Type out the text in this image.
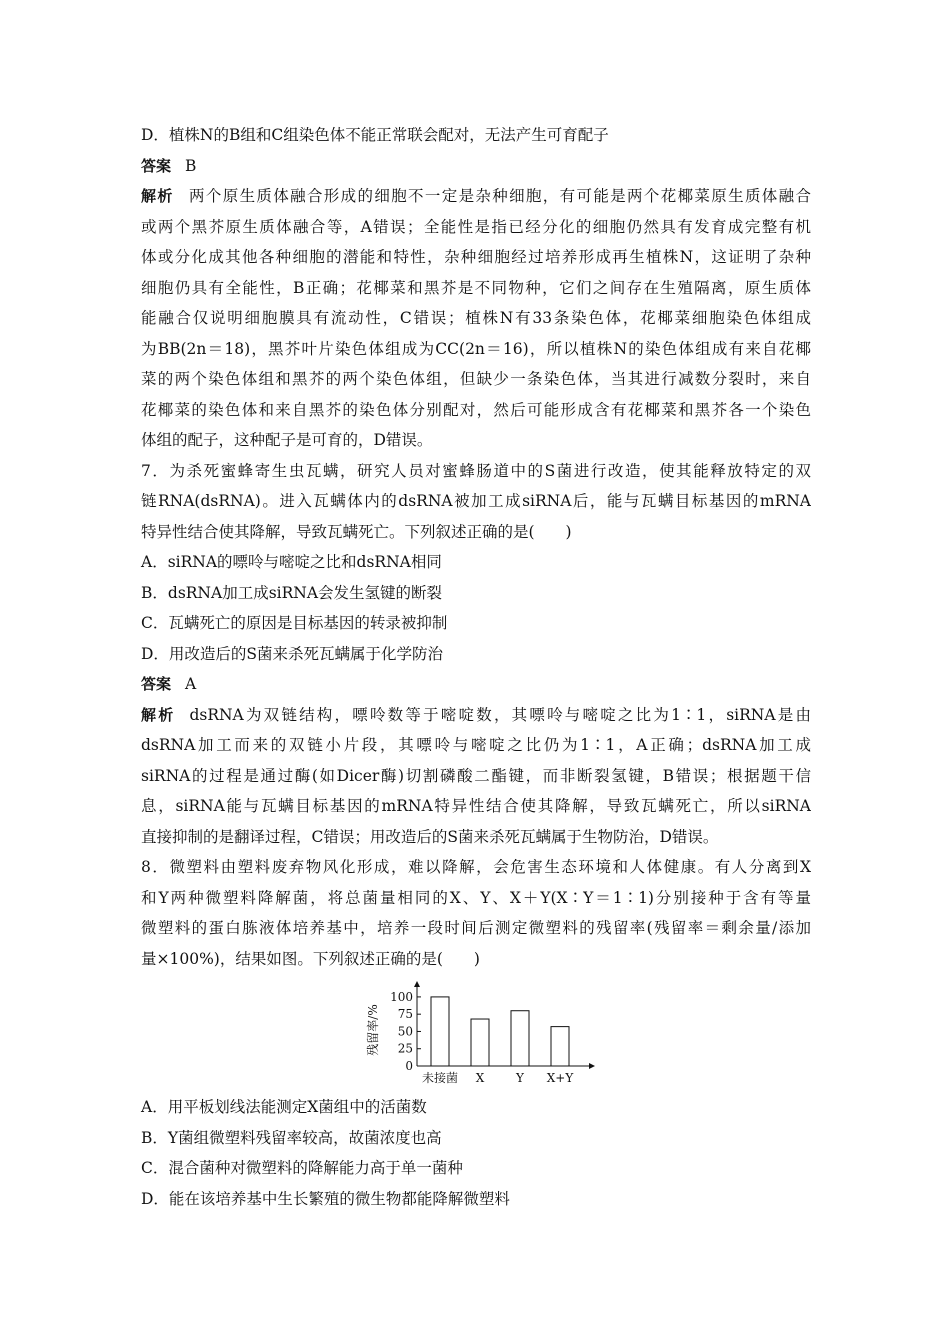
D．植株N的B组和C组染色体不能正常联会配对，无法产生可育配子
答案 B
解析 两个原生质体融合形成的细胞不一定是杂种细胞，有可能是两个花椰菜原生质体融合
或两个黑芥原生质体融合等，A错误；全能性是指已经分化的细胞仍然具有发育成完整有机
体或分化成其他各种细胞的潜能和特性，杂种细胞经过培养形成再生植株N，这证明了杂种
细胞仍具有全能性，B正确；花椰菜和黑芥是不同物种，它们之间存在生殖隔离，原生质体
能融合仅说明细胞膜具有流动性，C错误；植株N有33条染色体，花椰菜细胞染色体组成
为BB(2n＝18)，黑芥叶片染色体组成为CC(2n＝16)，所以植株N的染色体组成有来自花椰
菜的两个染色体组和黑芥的两个染色体组，但缺少一条染色体，当其进行减数分裂时，来自
花椰菜的染色体和来自黑芥的染色体分别配对，然后可能形成含有花椰菜和黑芥各一个染色
体组的配子，这种配子是可育的，D错误。
7．为杀死蜜蜂寄生虫瓦螨，研究人员对蜜蜂肠道中的S菌进行改造，使其能释放特定的双
链RNA(dsRNA)。进入瓦螨体内的dsRNA被加工成siRNA后，能与瓦螨目标基因的mRNA
特异性结合使其降解，导致瓦螨死亡。下列叙述正确的是(　　)
A．siRNA的嘌呤与嘧啶之比和dsRNA相同
B．dsRNA加工成siRNA会发生氢键的断裂
C．瓦螨死亡的原因是目标基因的转录被抑制
D．用改造后的S菌来杀死瓦螨属于化学防治
答案 A
解析 dsRNA为双链结构，嘌呤数等于嘧啶数，其嘌呤与嘧啶之比为1∶1，siRNA是由
dsRNA加工而来的双链小片段，其嘌呤与嘧啶之比仍为1∶1，A正确；dsRNA加工成
siRNA的过程是通过酶(如Dicer酶)切割磷酸二酯键，而非断裂氢键，B错误；根据题干信
息，siRNA能与瓦螨目标基因的mRNA特异性结合使其降解，导致瓦螨死亡，所以siRNA
直接抑制的是翻译过程，C错误；用改造后的S菌来杀死瓦螨属于生物防治，D错误。
8．微塑料由塑料废弃物风化形成，难以降解，会危害生态环境和人体健康。有人分离到X
和Y两种微塑料降解菌，将总菌量相同的X、Y、X＋Y(X∶Y＝1∶1)分别接种于含有等量
微塑料的蛋白胨液体培养基中，培养一段时间后测定微塑料的残留率(残留率＝剩余量/添加
量×100%)，结果如图。下列叙述正确的是(　　)
残留率/%
0
25
50
75
100
未接菌 X	Y X+Y
A．用平板划线法能测定X菌组中的活菌数
B．Y菌组微塑料残留率较高，故菌浓度也高
C．混合菌种对微塑料的降解能力高于单一菌种
D．能在该培养基中生长繁殖的微生物都能降解微塑料
